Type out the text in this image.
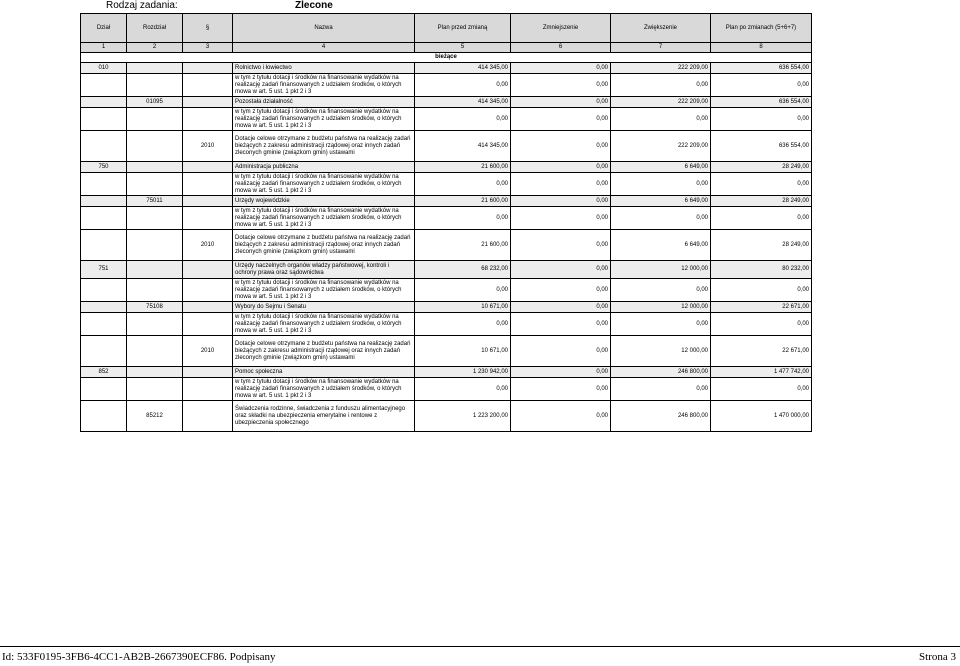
Rodzaj zadania:	Zlecone
Dział	Rozdział	§	Nazwa	Plan przed zmianą	Zmniejszenie	Zwiększenie	Plan po zmianach (5+6+7)
1	2	3	4	5	6	7	8
bieżące							
010			Rolnictwo i łowiectwo	414 345,00	0,00	222 209,00	636 554,00
			w tym z tytułu dotacji i środków na finansowanie wydatków na realizację zadań finansowanych z udziałem środków, o których mowa w art. 5 ust. 1 pkt 2 i 3	0,00	0,00	0,00	0,00
	01095		Pozostała działalność	414 345,00	0,00	222 209,00	636 554,00
			w tym z tytułu dotacji i środków na finansowanie wydatków na realizację zadań finansowanych z udziałem środków, o których mowa w art. 5 ust. 1 pkt 2 i 3	0,00	0,00	0,00	0,00
		2010	Dotacje celowe otrzymane z budżetu państwa na realizację zadań bieżących z zakresu administracji rządowej oraz innych zadań zleconych gminie (związkom gmin) ustawami	414 345,00	0,00	222 209,00	636 554,00
750			Administracja publiczna	21 600,00	0,00	6 649,00	28 249,00
			w tym z tytułu dotacji i środków na finansowanie wydatków na realizację zadań finansowanych z udziałem środków, o których mowa w art. 5 ust. 1 pkt 2 i 3	0,00	0,00	0,00	0,00
	75011		Urzędy wojewódzkie	21 600,00	0,00	6 649,00	28 249,00
			w tym z tytułu dotacji i środków na finansowanie wydatków na realizację zadań finansowanych z udziałem środków, o których mowa w art. 5 ust. 1 pkt 2 i 3	0,00	0,00	0,00	0,00
		2010	Dotacje celowe otrzymane z budżetu państwa na realizację zadań bieżących z zakresu administracji rządowej oraz innych zadań zleconych gminie (związkom gmin) ustawami	21 600,00	0,00	6 649,00	28 249,00
751			Urzędy naczelnych organów władzy państwowej, kontroli i ochrony prawa oraz sądownictwa	68 232,00	0,00	12 000,00	80 232,00
			w tym z tytułu dotacji i środków na finansowanie wydatków na realizację zadań finansowanych z udziałem środków, o których mowa w art. 5 ust. 1 pkt 2 i 3	0,00	0,00	0,00	0,00
	75108		Wybory do Sejmu i Senatu	10 671,00	0,00	12 000,00	22 671,00
			w tym z tytułu dotacji i środków na finansowanie wydatków na realizację zadań finansowanych z udziałem środków, o których mowa w art. 5 ust. 1 pkt 2 i 3	0,00	0,00	0,00	0,00
		2010	Dotacje celowe otrzymane z budżetu państwa na realizację zadań bieżących z zakresu administracji rządowej oraz innych zadań zleconych gminie (związkom gmin) ustawami	10 671,00	0,00	12 000,00	22 671,00
852			Pomoc społeczna	1 230 942,00	0,00	246 800,00	1 477 742,00
			w tym z tytułu dotacji i środków na finansowanie wydatków na realizację zadań finansowanych z udziałem środków, o których mowa w art. 5 ust. 1 pkt 2 i 3	0,00	0,00	0,00	0,00
	85212		Świadczenia rodzinne, świadczenia z funduszu alimentacyjnego oraz składki na ubezpieczenia emerytalne i rentowe z ubezpieczenia społecznego	1 223 200,00	0,00	246 800,00	1 470 000,00
Id: 533F0195-3FB6-4CC1-AB2B-2667390ECF86. Podpisany	Strona 3
